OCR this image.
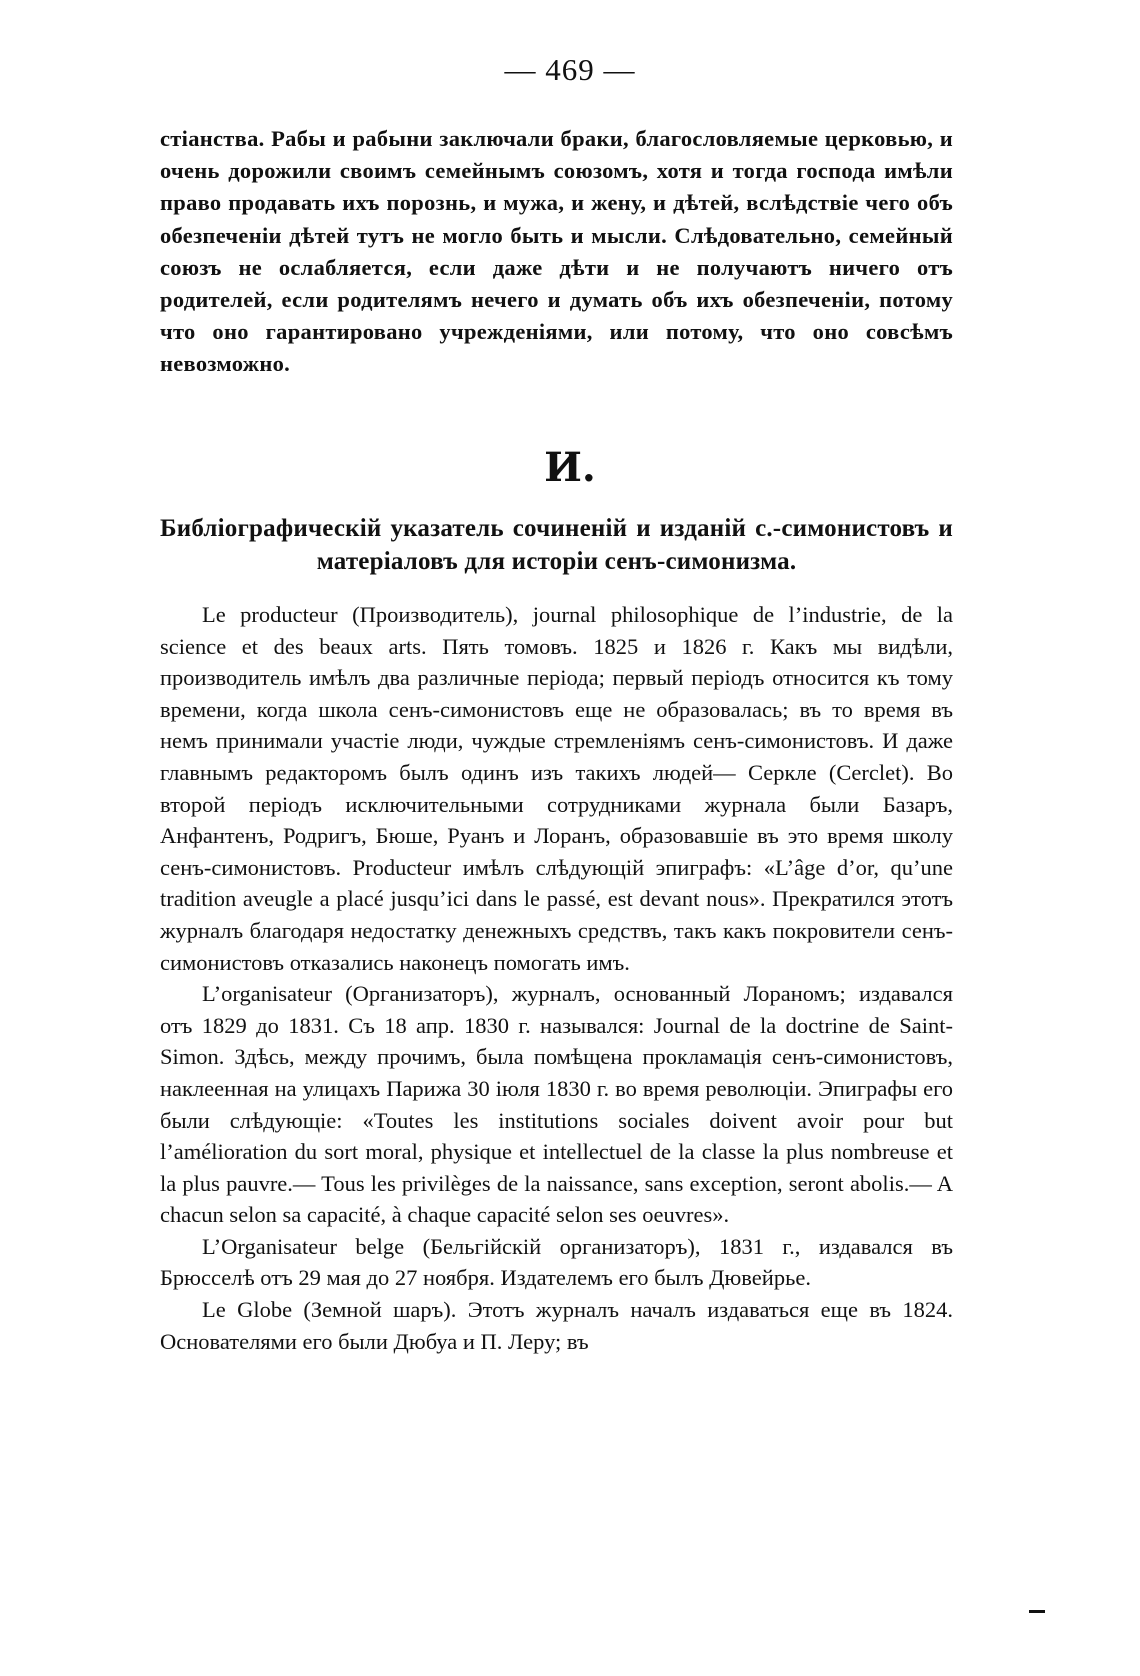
— 469 —

стіанства. Рабы и рабыни заключали браки, благословляемые церковью, и очень дорожили своимъ семейнымъ союзомъ, хотя и тогда господа имѣли право продавать ихъ порознь, и мужа, и жену, и дѣтей, вслѣдствіе чего объ обезпеченіи дѣтей тутъ не могло быть и мысли. Слѣдовательно, семейный союзъ не ослабляется, если даже дѣти и не получаютъ ничего отъ родителей, если родителямъ нечего и думать объ ихъ обезпеченіи, потому что оно гарантировано учрежденіями, или потому, что оно совсѣмъ невозможно.

И.

Библіографическій указатель сочиненій и изданій с.-симонистовъ и матеріаловъ для исторіи сенъ-симонизма.

Le producteur (Производитель), journal philosophique de l’industrie, de la science et des beaux arts. Пять томовъ. 1825 и 1826 г. Какъ мы видѣли, производитель имѣлъ два различные періода; первый періодъ относится къ тому времени, когда школа сенъ-симонистовъ еще не образовалась; въ то время въ немъ принимали участіе люди, чуждые стремленіямъ сенъ-симонистовъ. И даже главнымъ редакторомъ былъ одинъ изъ такихъ людей— Серкле (Cerclet). Во второй періодъ исключительными сотрудниками журнала были Базаръ, Анфантенъ, Родригъ, Бюше, Руанъ и Лоранъ, образовавшіе въ это время школу сенъ-симонистовъ. Producteur имѣлъ слѣдующій эпиграфъ: «L’âge d’or, qu’une tradition aveugle a placé jusqu’ici dans le passé, est devant nous». Прекратился этотъ журналъ благодаря недостатку денежныхъ средствъ, такъ какъ покровители сенъ-симонистовъ отказались наконецъ помогать имъ.

L’organisateur (Организаторъ), журналъ, основанный Лораномъ; издавался отъ 1829 до 1831. Съ 18 апр. 1830 г. назывался: Journal de la doctrine de Saint-Simon. Здѣсь, между прочимъ, была помѣщена прокламація сенъ-симонистовъ, наклеенная на улицахъ Парижа 30 іюля 1830 г. во время революціи. Эпиграфы его были слѣдующіе: «Toutes les institutions sociales doivent avoir pour but l’amélioration du sort moral, physique et intellectuel de la classe la plus nombreuse et la plus pauvre.— Tous les privilèges de la naissance, sans exception, seront abolis.— A chacun selon sa capacité, à chaque capacité selon ses oeuvres».

L’Organisateur belge (Бельгійскій организаторъ), 1831 г., издавался въ Брюсселѣ отъ 29 мая до 27 ноября. Издателемъ его былъ Дювейрье.

Le Globe (Земной шаръ). Этотъ журналъ началъ издаваться еще въ 1824. Основателями его были Дюбуа и П. Леру; въ
